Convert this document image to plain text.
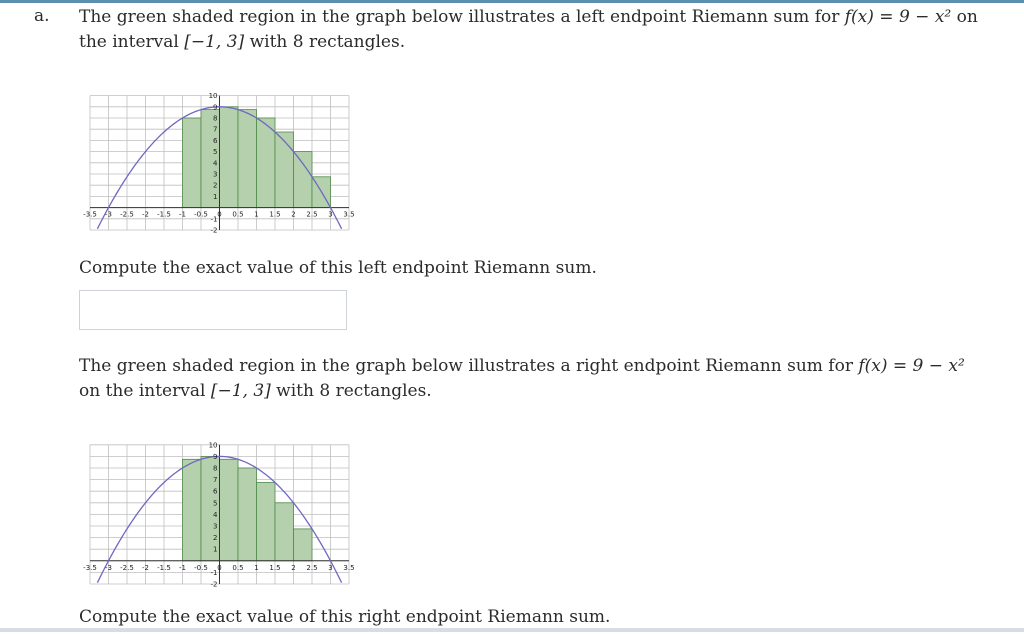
a. The green shaded region in the graph below illustrates a left endpoint Riemann sum for f(x) = 9 − x² on the interval [−1, 3] with 8 rectangles.
-3.5 -3 -2.5 -2 -1.5 -1 -0.5 0 0.5 1 1.5 2 2.5 3 3.5
10
9
8
7
6
5
4
3
2
1
-1
-2
Compute the exact value of this left endpoint Riemann sum.
The green shaded region in the graph below illustrates a right endpoint Riemann sum for f(x) = 9 − x² on the interval [−1, 3] with 8 rectangles.
-3.5 -3 -2.5 -2 -1.5 -1 -0.5 0 0.5 1 1.5 2 2.5 3 3.5
10
9
8
7
6
5
4
3
2
1
-1
-2
Compute the exact value of this right endpoint Riemann sum.
